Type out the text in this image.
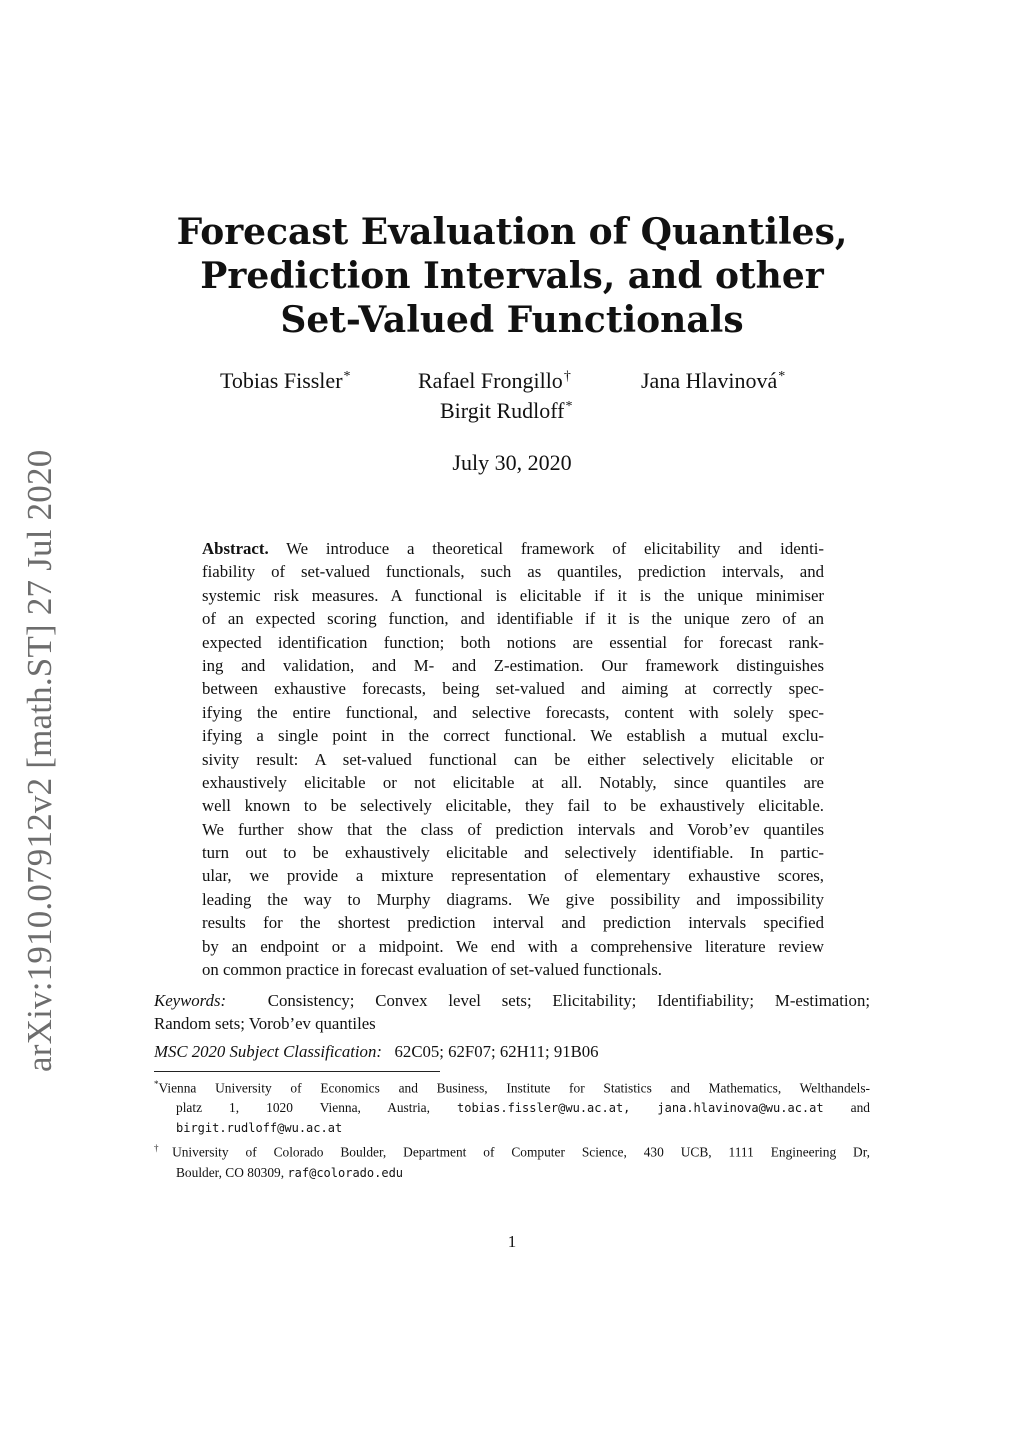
arXiv:1910.07912v2 [math.ST] 27 Jul 2020
Forecast Evaluation of Quantiles,
Prediction Intervals, and other
Set-Valued Functionals
Tobias Fissler*	Rafael Frongillo†	Jana Hlavinová*
Birgit Rudloff*
July 30, 2020
Abstract. We introduce a theoretical framework of elicitability and identi-
fiability of set-valued functionals, such as quantiles, prediction intervals, and
systemic risk measures. A functional is elicitable if it is the unique minimiser
of an expected scoring function, and identifiable if it is the unique zero of an
expected identification function; both notions are essential for forecast rank-
ing and validation, and M- and Z-estimation. Our framework distinguishes
between exhaustive forecasts, being set-valued and aiming at correctly spec-
ifying the entire functional, and selective forecasts, content with solely spec-
ifying a single point in the correct functional. We establish a mutual exclu-
sivity result: A set-valued functional can be either selectively elicitable or
exhaustively elicitable or not elicitable at all. Notably, since quantiles are
well known to be selectively elicitable, they fail to be exhaustively elicitable.
We further show that the class of prediction intervals and Vorob’ev quantiles
turn out to be exhaustively elicitable and selectively identifiable. In partic-
ular, we provide a mixture representation of elementary exhaustive scores,
leading the way to Murphy diagrams. We give possibility and impossibility
results for the shortest prediction interval and prediction intervals specified
by an endpoint or a midpoint. We end with a comprehensive literature review
on common practice in forecast evaluation of set-valued functionals.
Keywords: Consistency; Convex level sets; Elicitability; Identifiability; M-estimation;
Random sets; Vorob’ev quantiles
MSC 2020 Subject Classification: 62C05; 62F07; 62H11; 91B06
*Vienna University of Economics and Business, Institute for Statistics and Mathematics, Welthandels-
platz 1, 1020 Vienna, Austria, tobias.fissler@wu.ac.at, jana.hlavinova@wu.ac.at and
birgit.rudloff@wu.ac.at
†University of Colorado Boulder, Department of Computer Science, 430 UCB, 1111 Engineering Dr,
Boulder, CO 80309, raf@colorado.edu
1
